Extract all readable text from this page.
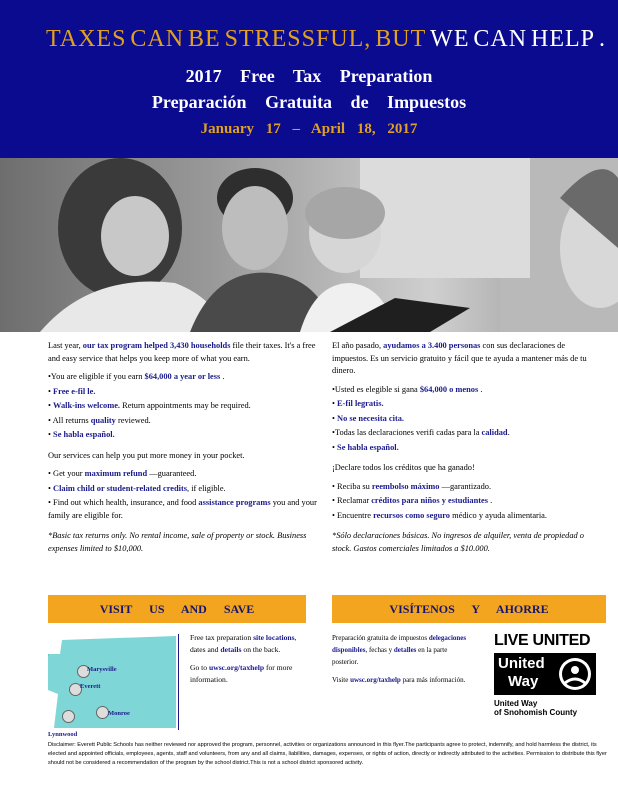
TAXES CAN BE STRESSFUL, BUT WE CAN HELP .
2017 Free Tax Preparation
Preparación Gratuita de Impuestos
January 17 – April 18, 2017

Last year, our tax program helped 3,430 households file their taxes. It's a free and easy service that helps you keep more of what you earn.

•You are eligible if you earn $64,000 a year or less .

• Free e-fil le.

• Walk-ins welcome. Return appointments may be required.

• All returns quality reviewed.

• Se habla español.

Our services can help you put more money in your pocket.

• Get your maximum refund —guaranteed.

• Claim child or student-related credits, if eligible.

• Find out which health, insurance, and food assistance programs you and your family are eligible for.

*Basic tax returns only. No rental income, sale of property or stock. Business expenses limited to $10,000.

El año pasado, ayudamos a 3.400 personas con sus declaraciones de impuestos. Es un servicio gratuito y fácil que te ayuda a mantener más de tu dinero.

•Usted es elegible si gana $64,000 o menos .

• E-fil legratis.

• No se necesita cita.

•Todas las declaraciones verifi cadas para la calidad.

• Se habla español.

¡Declare todos los créditos que ha ganado!

• Reciba su reembolso máximo —garantizado.

• Reclamar créditos para niños y estudiantes .

• Encuentre recursos como seguro médico y ayuda alimentaria.

*Sólo declaraciones básicas. No ingresos de alquiler, venta de propiedad o stock. Gastos comerciales limitados a $10.000.

VISIT US AND SAVE	VISÍTENOS Y AHORRE
Marysville
Everett
Lynnwood
Monroe
Free tax preparation site locations, dates and details on the back.
Go to uwsc.org/taxhelp for more information.
Preparación gratuita de impuestos delegaciones disponibles, fechas y detalles en la parte posterior.
Visite uwsc.org/taxhelp para más información.
LIVE UNITED
United
Way
United Way
of Snohomish County
Disclaimer: Everett Public Schools has neither reviewed nor approved the program, personnel, activities or organizations announced in this flyer.The participants agree to protect, indemnify, and hold harmless the district, its elected and appointed officials, employees, agents, staff and volunteers, from any and all claims, liabilities, damages, expenses, or rights of action, directly or indirectly attributed to the activities. Permission to distribute this flyer should not be considered a recommendation of the program by the school district.This is not a school district sponsored activity.
